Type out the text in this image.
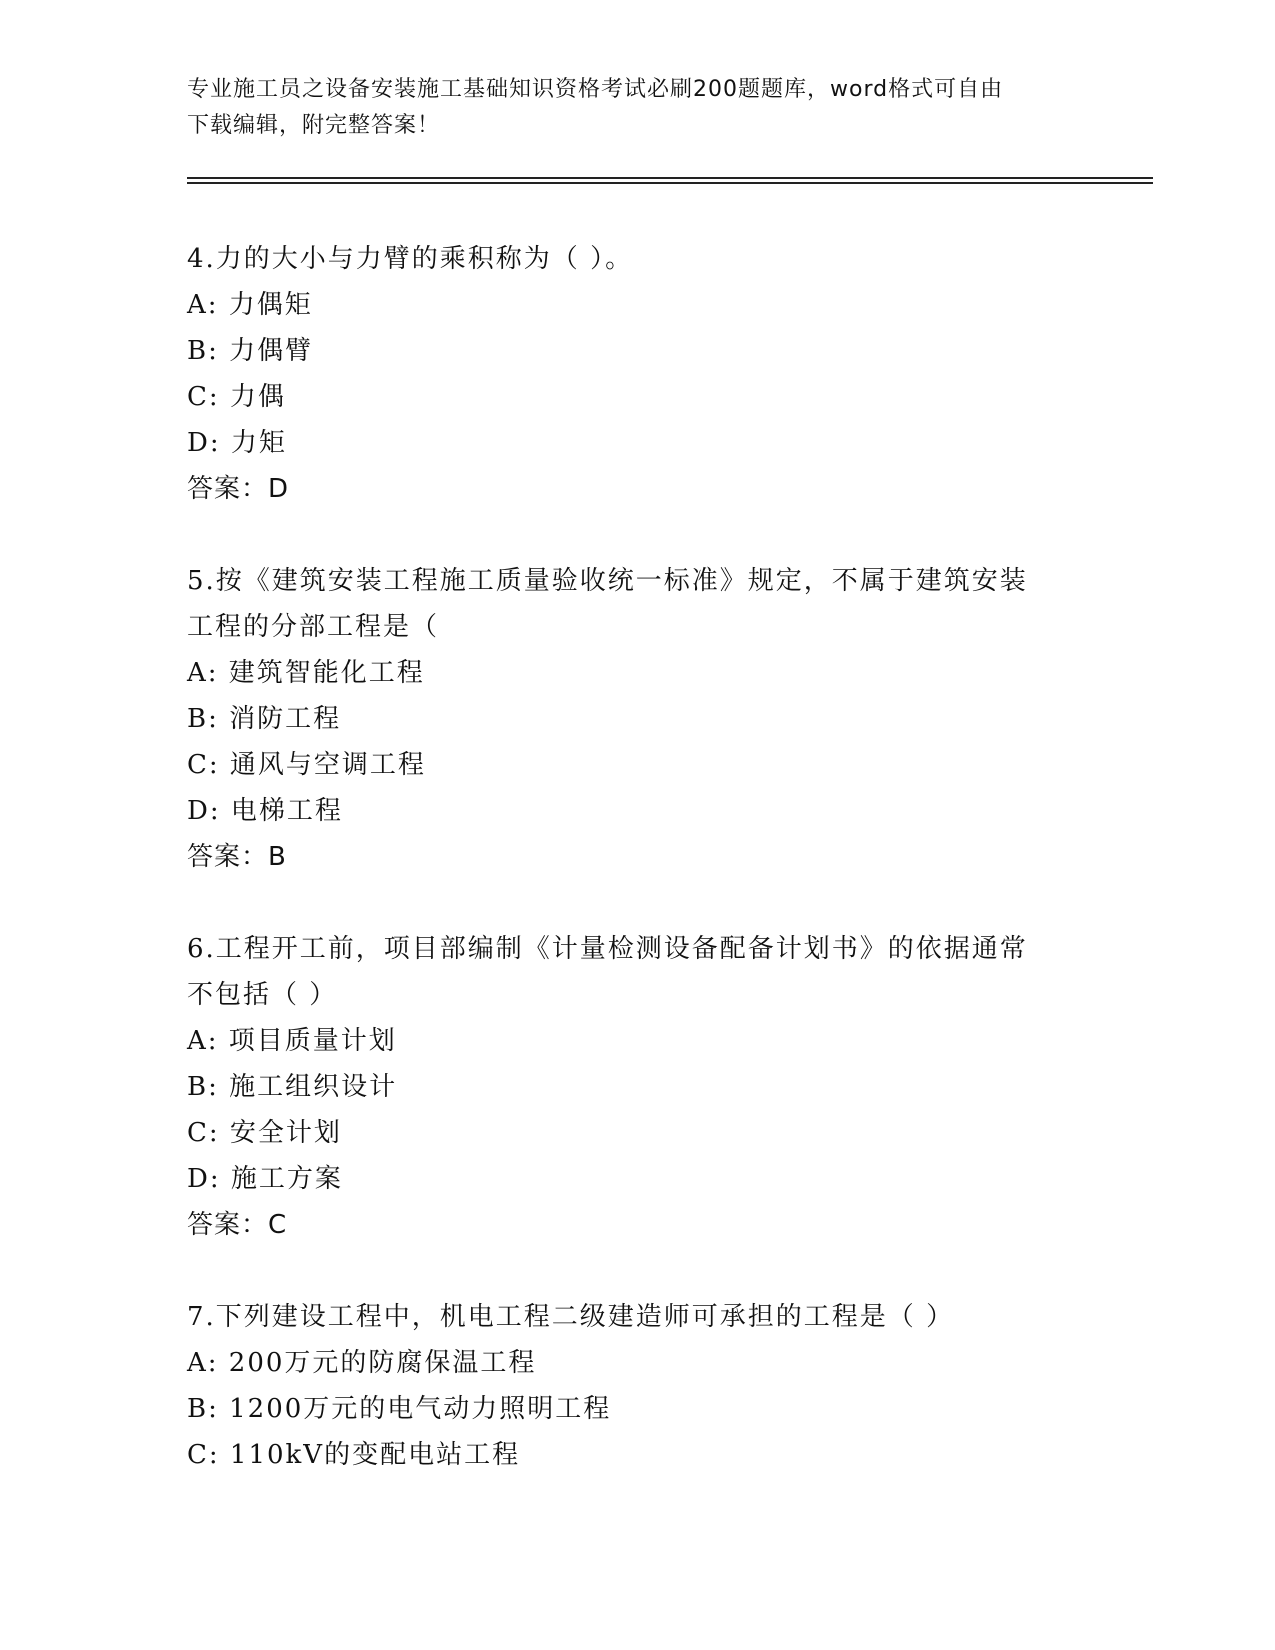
专业施工员之设备安装施工基础知识资格考试必刷200题题库，word格式可自由
下载编辑，附完整答案！

4.力的大小与力臂的乘积称为（ ）。

A: 力偶矩

B: 力偶臂

C: 力偶

D: 力矩

答案：D

5.按《建筑安装工程施工质量验收统一标准》规定，不属于建筑安装

工程的分部工程是（

A: 建筑智能化工程

B: 消防工程

C: 通风与空调工程

D: 电梯工程

答案：B

6.工程开工前，项目部编制《计量检测设备配备计划书》的依据通常

不包括（ ）

A: 项目质量计划

B: 施工组织设计

C: 安全计划

D: 施工方案

答案：C

7.下列建设工程中，机电工程二级建造师可承担的工程是（ ）

A: 200万元的防腐保温工程

B: 1200万元的电气动力照明工程

C: 110kV的变配电站工程
